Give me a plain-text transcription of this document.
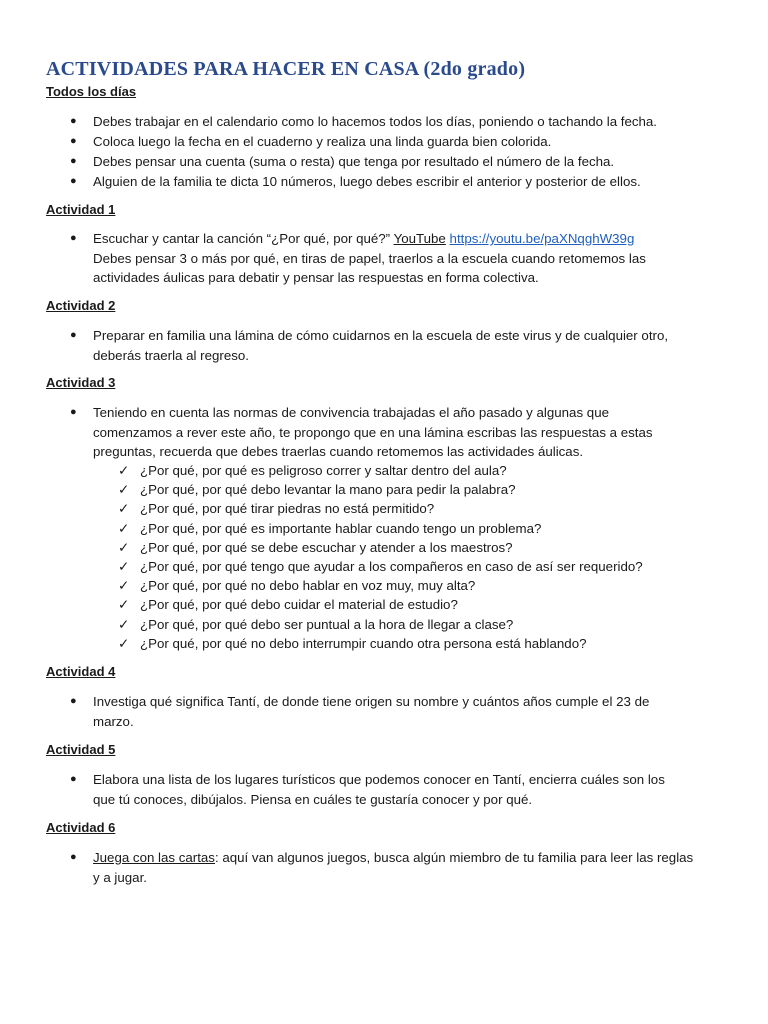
ACTIVIDADES PARA HACER EN CASA (2do grado)
Todos los días
● Debes trabajar en el calendario como lo hacemos todos los días, poniendo o tachando la fecha.
● Coloca luego la fecha en el cuaderno y realiza una linda guarda bien colorida.
● Debes pensar una cuenta (suma o resta) que tenga por resultado el número de la fecha.
● Alguien de la familia te dicta 10 números, luego debes escribir el anterior y posterior de ellos.
Actividad 1
● Escuchar y cantar la canción “¿Por qué, por qué?” YouTube https://youtu.be/paXNqghW39g
Debes pensar 3 o más por qué, en tiras de papel, traerlos a la escuela cuando retomemos las
actividades áulicas para debatir y pensar las respuestas en forma colectiva.
Actividad 2
● Preparar en familia una lámina de cómo cuidarnos en la escuela de este virus y de cualquier otro,
deberás traerla al regreso.
Actividad 3
● Teniendo en cuenta las normas de convivencia trabajadas el año pasado y algunas que
comenzamos a rever este año, te propongo que en una lámina escribas las respuestas a estas
preguntas, recuerda que debes traerlas cuando retomemos las actividades áulicas.
✓ ¿Por qué, por qué es peligroso correr y saltar dentro del aula?
✓ ¿Por qué, por qué debo levantar la mano para pedir la palabra?
✓ ¿Por qué, por qué tirar piedras no está permitido?
✓ ¿Por qué, por qué es importante hablar cuando tengo un problema?
✓ ¿Por qué, por qué se debe escuchar y atender a los maestros?
✓ ¿Por qué, por qué tengo que ayudar a los compañeros en caso de así ser requerido?
✓ ¿Por qué, por qué no debo hablar en voz muy, muy alta?
✓ ¿Por qué, por qué debo cuidar el material de estudio?
✓ ¿Por qué, por qué debo ser puntual a la hora de llegar a clase?
✓ ¿Por qué, por qué no debo interrumpir cuando otra persona está hablando?
Actividad 4
● Investiga qué significa Tantí, de donde tiene origen su nombre y cuántos años cumple el 23 de
marzo.
Actividad 5
● Elabora una lista de los lugares turísticos que podemos conocer en Tantí, encierra cuáles son los
que tú conoces, dibújalos. Piensa en cuáles te gustaría conocer y por qué.
Actividad 6
● Juega con las cartas: aquí van algunos juegos, busca algún miembro de tu familia para leer las reglas
y a jugar.
